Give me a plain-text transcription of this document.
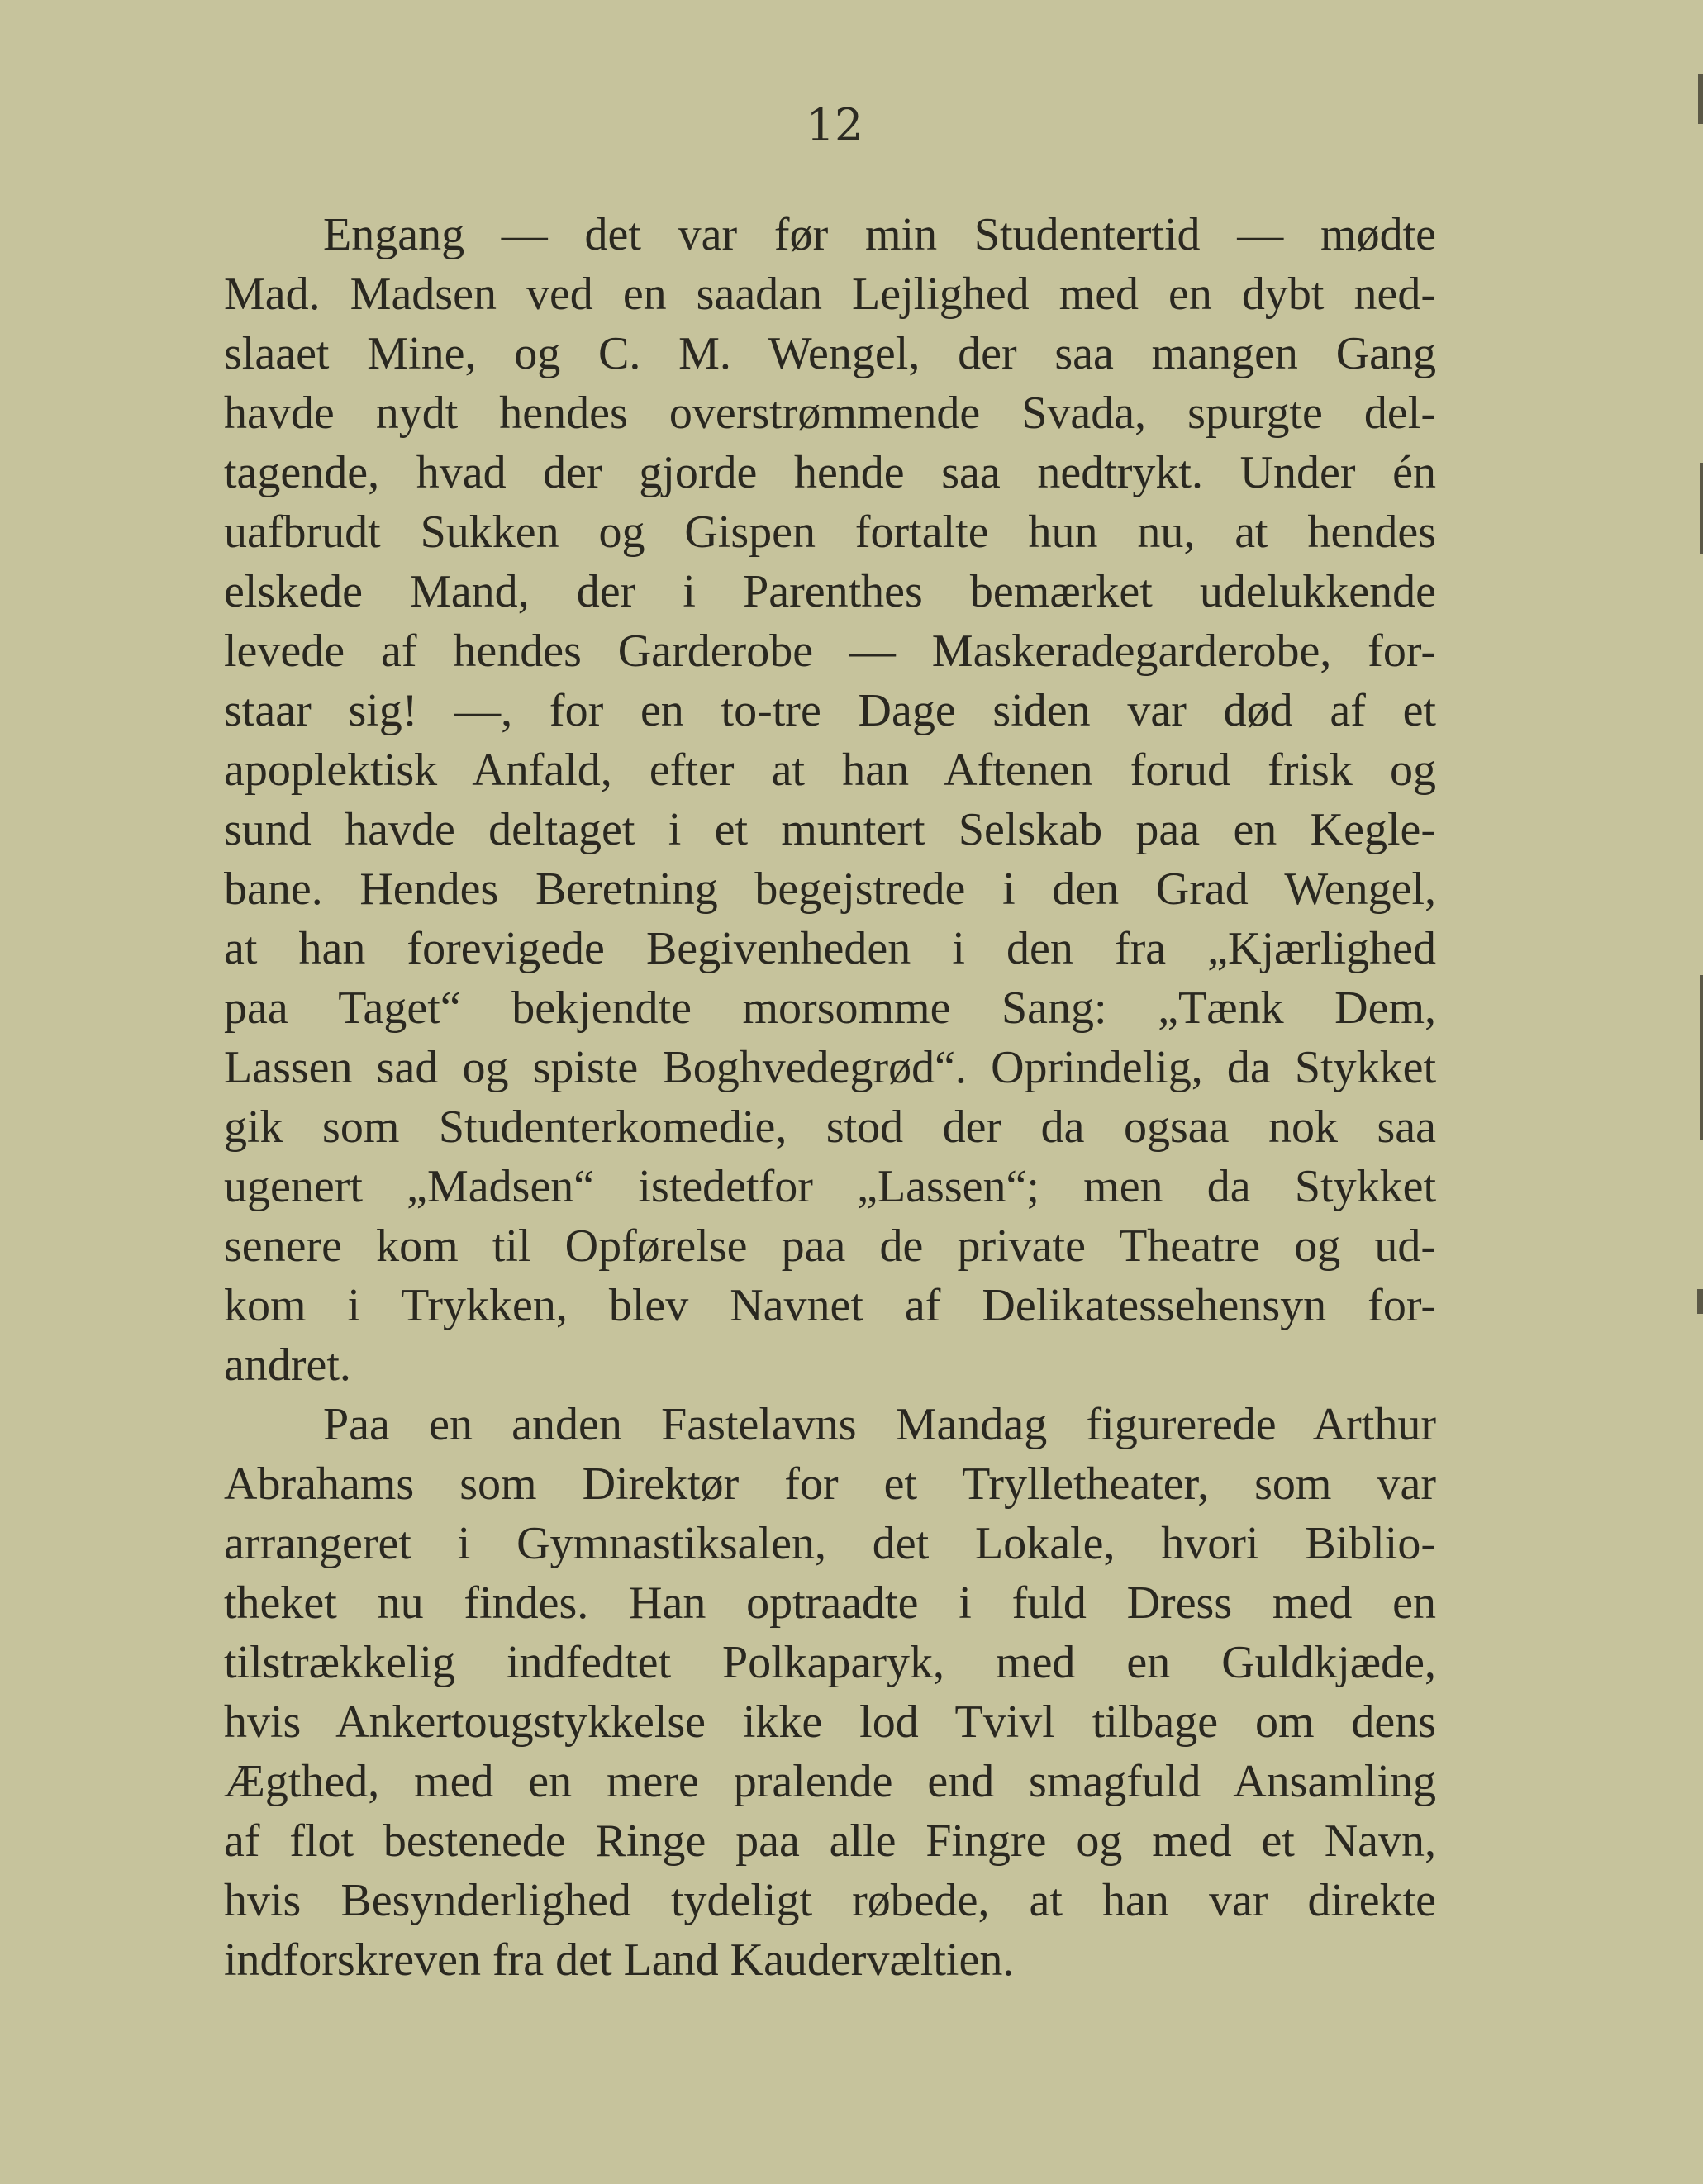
12
Engang — det var før min Studentertid — mødte
Mad. Madsen ved en saadan Lejlighed med en dybt ned-
slaaet Mine, og C. M. Wengel, der saa mangen Gang
havde nydt hendes overstrømmende Svada, spurgte del-
tagende, hvad der gjorde hende saa nedtrykt. Under én
uafbrudt Sukken og Gispen fortalte hun nu, at hendes
elskede Mand, der i Parenthes bemærket udelukkende
levede af hendes Garderobe — Maskeradegarderobe, for-
staar sig! —, for en to-tre Dage siden var død af et
apoplektisk Anfald, efter at han Aftenen forud frisk og
sund havde deltaget i et muntert Selskab paa en Kegle-
bane. Hendes Beretning begejstrede i den Grad Wengel,
at han forevigede Begivenheden i den fra „Kjærlighed
paa Taget“ bekjendte morsomme Sang: „Tænk Dem,
Lassen sad og spiste Boghvedegrød“. Oprindelig, da Stykket
gik som Studenterkomedie, stod der da ogsaa nok saa
ugenert „Madsen“ istedetfor „Lassen“; men da Stykket
senere kom til Opførelse paa de private Theatre og ud-
kom i Trykken, blev Navnet af Delikatessehensyn for-
andret.
Paa en anden Fastelavns Mandag figurerede Arthur
Abrahams som Direktør for et Trylletheater, som var
arrangeret i Gymnastiksalen, det Lokale, hvori Biblio-
theket nu findes. Han optraadte i fuld Dress med en
tilstrækkelig indfedtet Polkaparyk, med en Guldkjæde,
hvis Ankertougstykkelse ikke lod Tvivl tilbage om dens
Ægthed, med en mere pralende end smagfuld Ansamling
af flot bestenede Ringe paa alle Fingre og med et Navn,
hvis Besynderlighed tydeligt røbede, at han var direkte
indforskreven fra det Land Kaudervæltien.
